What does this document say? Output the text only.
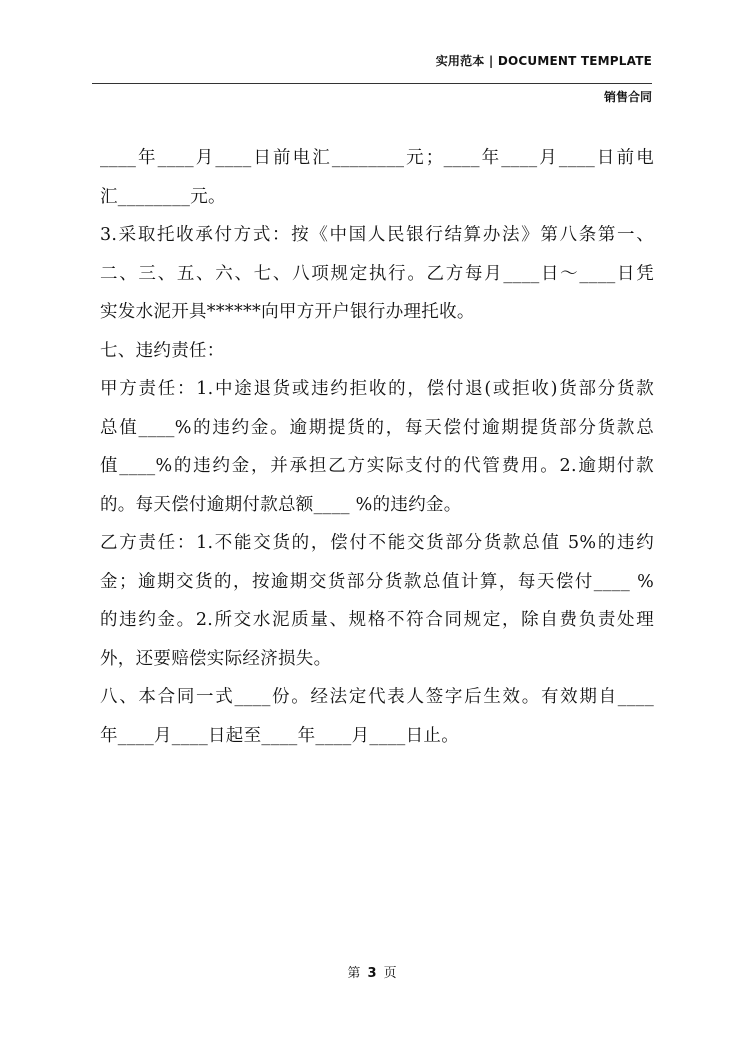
实用范本 | DOCUMENT TEMPLATE
销售合同
____年____月____日前电汇________元；____年____月____日前电
汇________元。
3.采取托收承付方式：按《中国人民银行结算办法》第八条第一、
二、三、五、六、七、八项规定执行。乙方每月____日～____日凭
实发水泥开具******向甲方开户银行办理托收。
七、违约责任：
甲方责任：1.中途退货或违约拒收的，偿付退(或拒收)货部分货款
总值____%的违约金。逾期提货的，每天偿付逾期提货部分货款总
值____%的违约金，并承担乙方实际支付的代管费用。2.逾期付款
的。每天偿付逾期付款总额____ %的违约金。
乙方责任：1.不能交货的，偿付不能交货部分货款总值 5%的违约
金；逾期交货的，按逾期交货部分货款总值计算，每天偿付____ %
的违约金。2.所交水泥质量、规格不符合同规定，除自费负责处理
外，还要赔偿实际经济损失。
八、本合同一式____份。经法定代表人签字后生效。有效期自____
年____月____日起至____年____月____日止。
第 3 页
